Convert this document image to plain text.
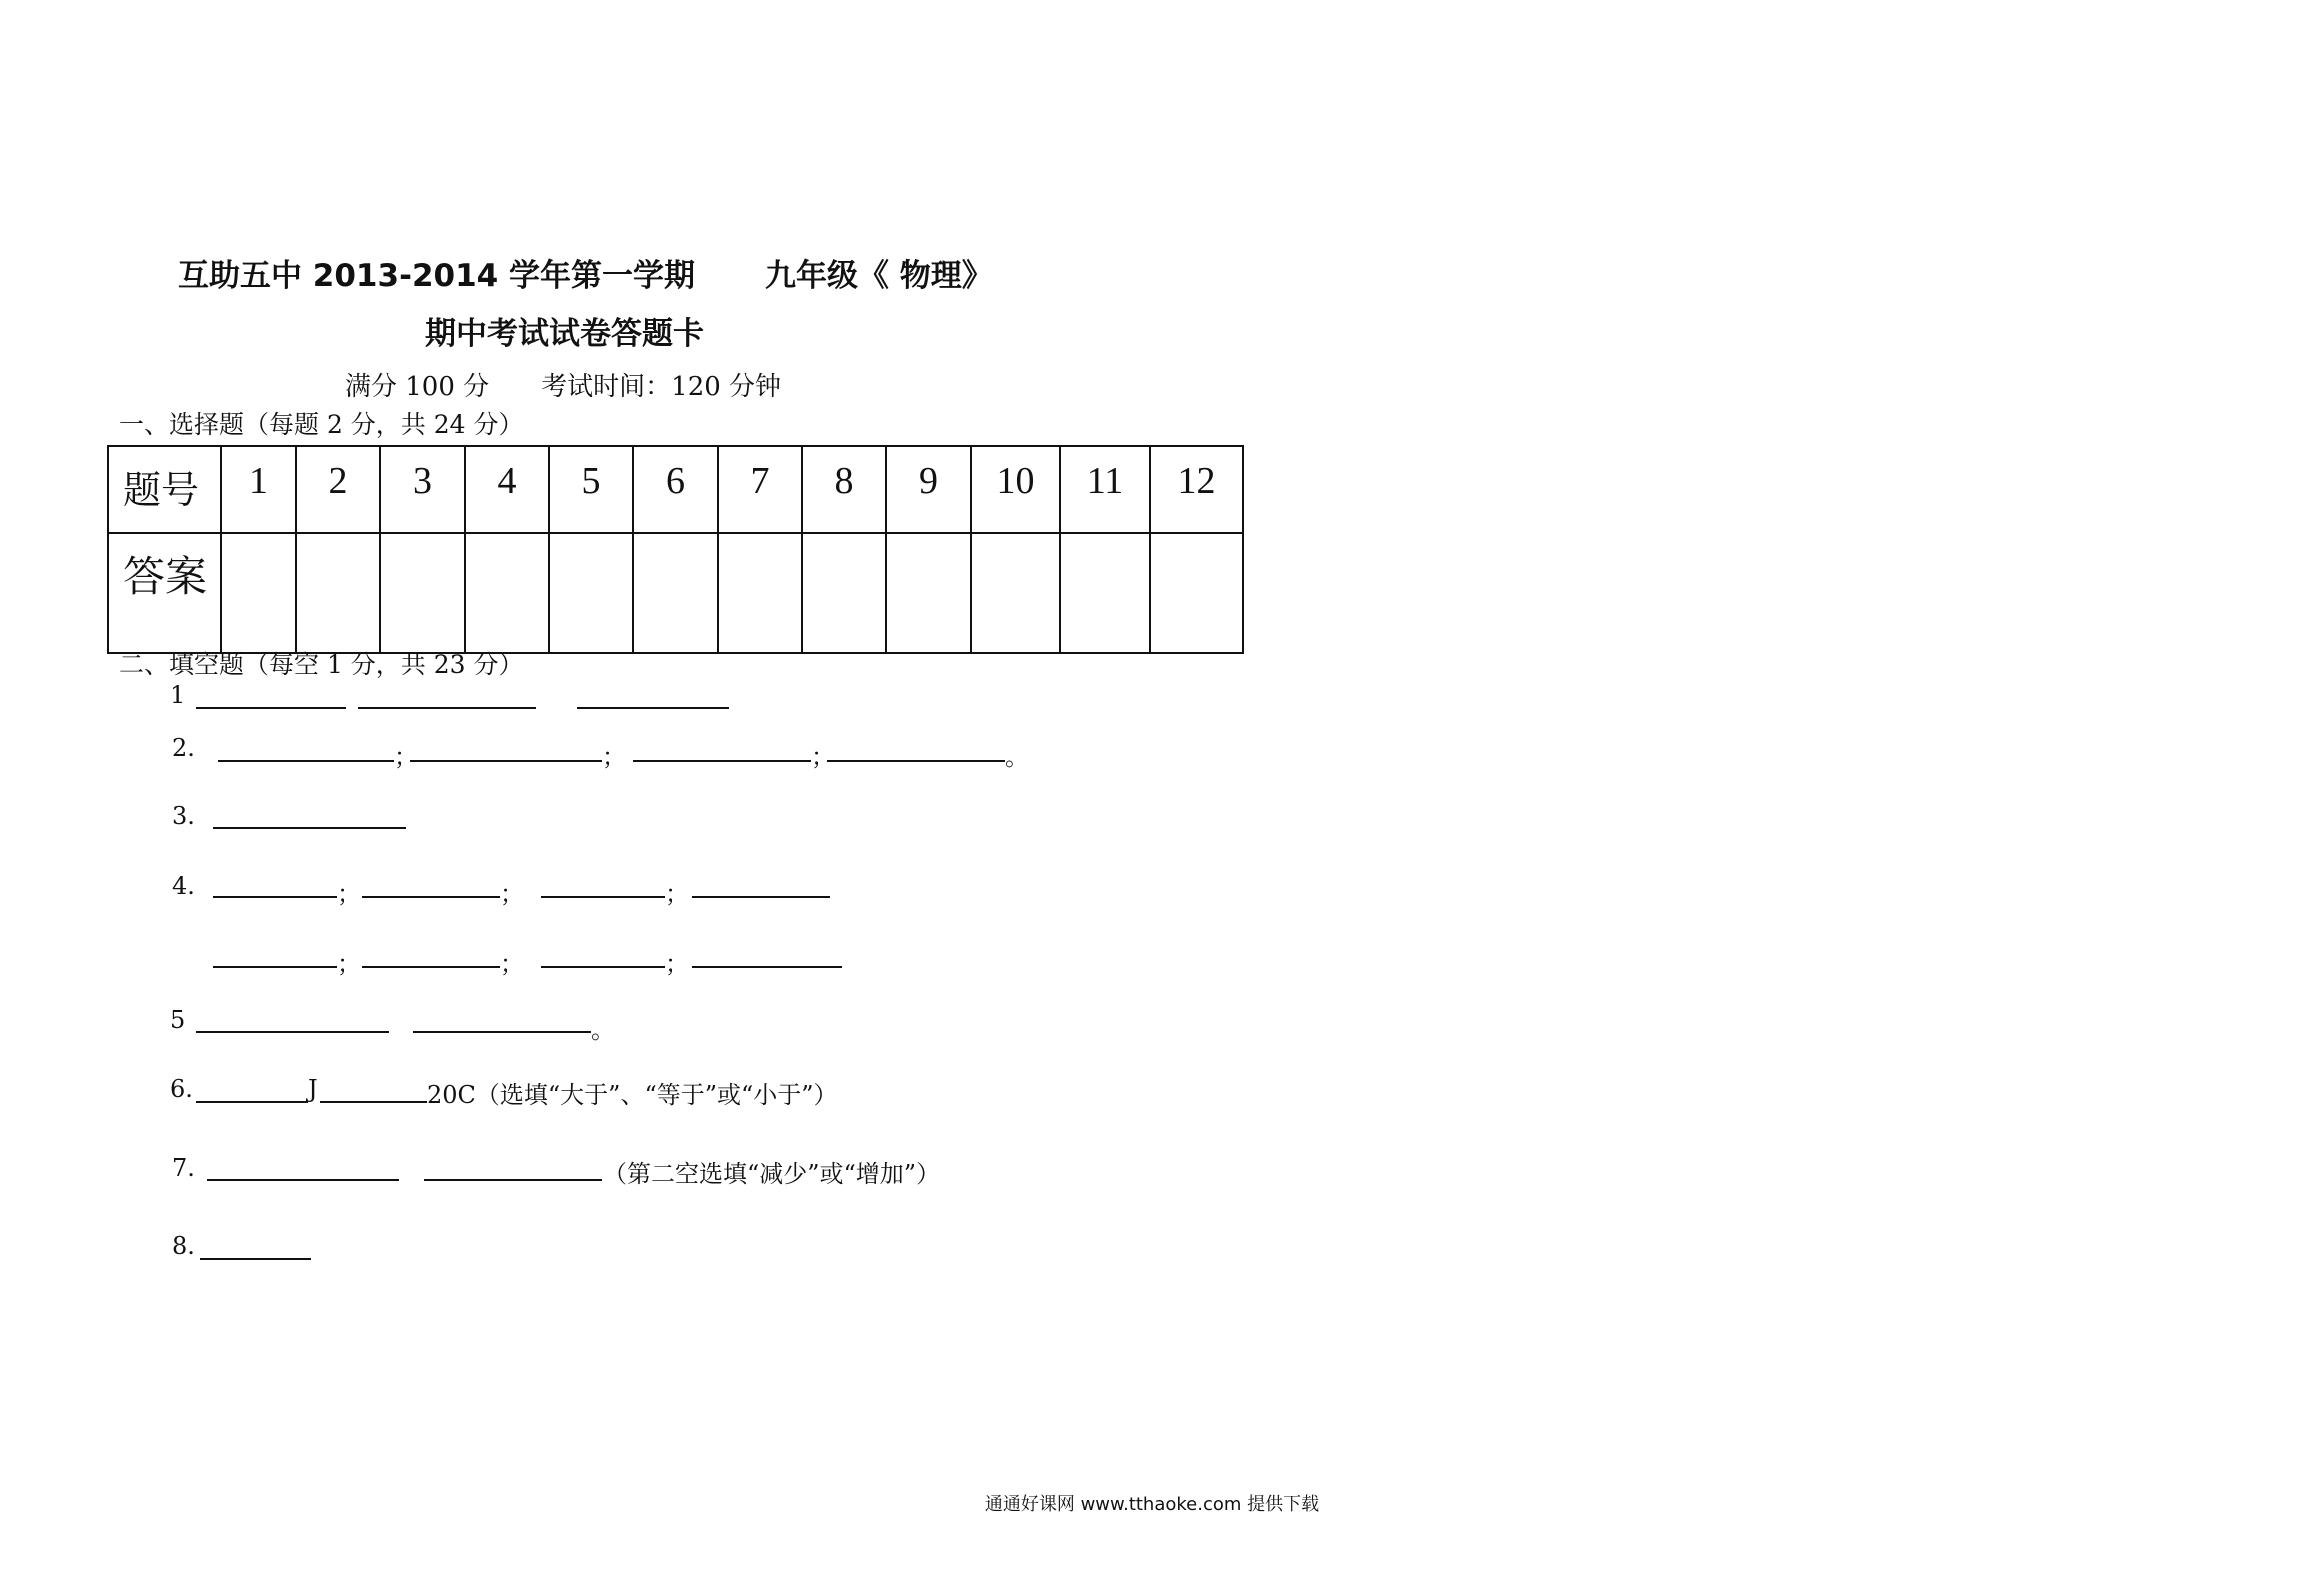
互助五中 2013-2014 学年第一学期 九年级《 物理》
期中考试试卷答题卡
满分 100 分 考试时间：120 分钟
一、选择题（每题 2 分，共 24 分）
题号	1	2	3	4	5	6	7	8	9	10	11	12
答案												
二、填空题（每空 1 分，共 23 分）
1
2.	；	；	；	。
3.
4.	；	；	；
；	；	；
5	。
6.	J	20C（选填“大于”、“等于”或“小于”）
7.	（第二空选填“减少”或“增加”）
8.
通通好课网 www.tthaoke.com 提供下载
